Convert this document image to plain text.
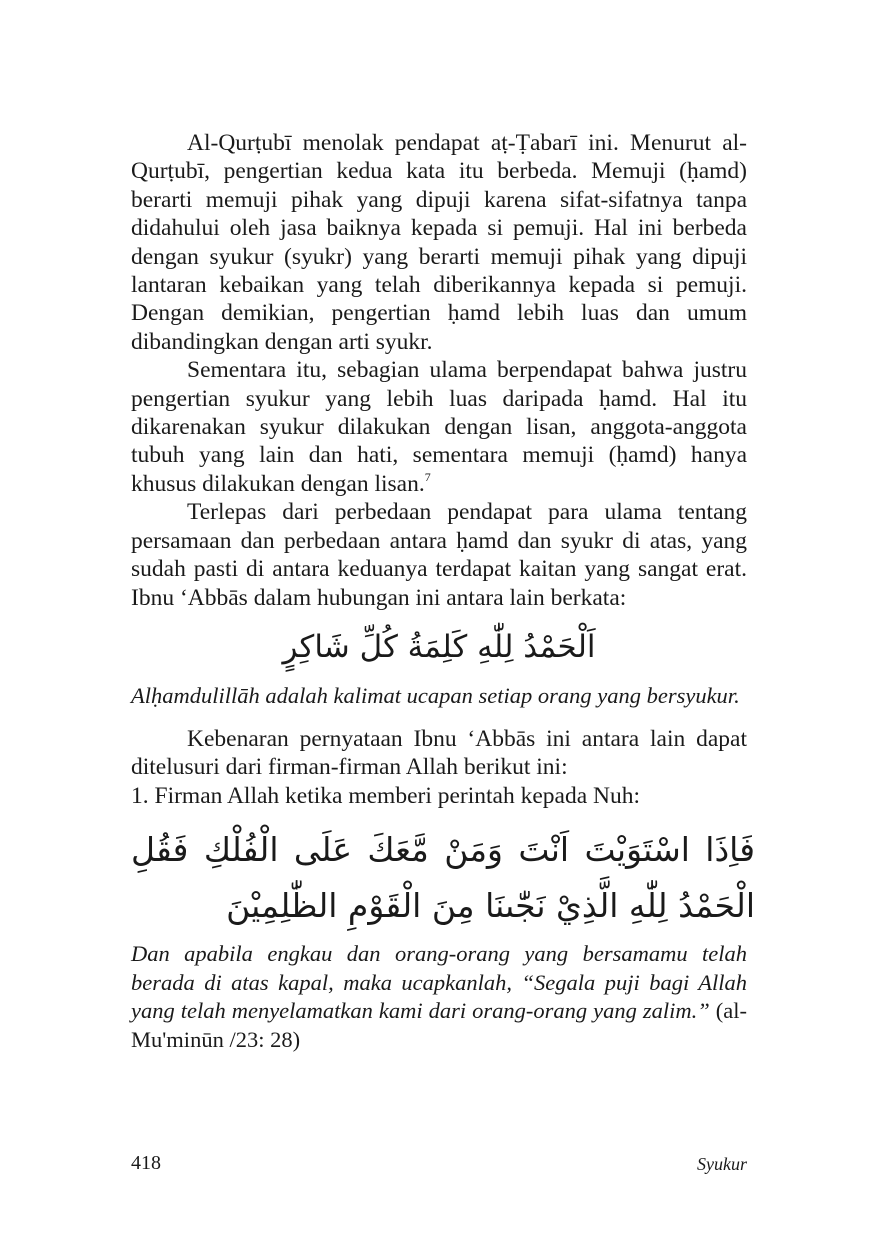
Al-Qurṭubī menolak pendapat aṭ-Ṭabarī ini. Menurut al-Qurṭubī, pengertian kedua kata itu berbeda. Memuji (ḥamd) berarti memuji pihak yang dipuji karena sifat-sifatnya tanpa didahului oleh jasa baiknya kepada si pemuji. Hal ini berbeda dengan syukur (syukr) yang berarti memuji pihak yang dipuji lantaran kebaikan yang telah diberikannya kepada si pemuji. Dengan demikian, pengertian ḥamd lebih luas dan umum dibandingkan dengan arti syukr.

Sementara itu, sebagian ulama berpendapat bahwa justru pengertian syukur yang lebih luas daripada ḥamd. Hal itu dikarenakan syukur dilakukan dengan lisan, anggota-anggota tubuh yang lain dan hati, sementara memuji (ḥamd) hanya khusus dilakukan dengan lisan.$^7$

Terlepas dari perbedaan pendapat para ulama tentang persamaan dan perbedaan antara ḥamd dan syukr di atas, yang sudah pasti di antara keduanya terdapat kaitan yang sangat erat. Ibnu ‘Abbās dalam hubungan ini antara lain berkata:

اَلْحَمْدُ لِلّٰهِ كَلِمَةُ كُلِّ شَاكِرٍ

Alḥamdulillāh adalah kalimat ucapan setiap orang yang bersyukur.

Kebenaran pernyataan Ibnu ‘Abbās ini antara lain dapat ditelusuri dari firman-firman Allah berikut ini:

1. Firman Allah ketika memberi perintah kepada Nuh:

فَاِذَا اسْتَوَيْتَ اَنْتَ وَمَنْ مَّعَكَ عَلَى الْفُلْكِ فَقُلِ الْحَمْدُ لِلّٰهِ الَّذِيْ نَجّٰىنَا مِنَ الْقَوْمِ الظّٰلِمِيْنَ

Dan apabila engkau dan orang-orang yang bersamamu telah berada di atas kapal, maka ucapkanlah, “Segala puji bagi Allah yang telah menyelamatkan kami dari orang-orang yang zalim.” (al-Mu'minūn /23: 28)

418	Syukur
